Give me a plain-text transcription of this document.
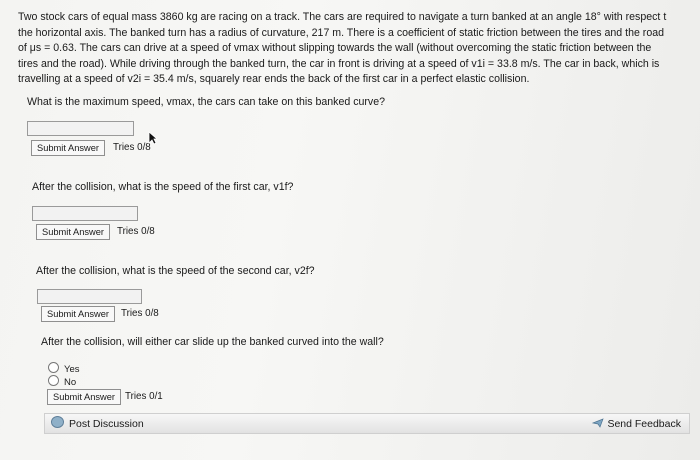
Two stock cars of equal mass 3860 kg are racing on a track. The cars are required to navigate a turn banked at an angle 18° with respect t
the horizontal axis. The banked turn has a radius of curvature, 217 m. There is a coefficient of static friction between the tires and the road
of μs = 0.63. The cars can drive at a speed of vmax without slipping towards the wall (without overcoming the static friction between the
tires and the road). While driving through the banked turn, the car in front is driving at a speed of v1i = 33.8 m/s. The car in back, which is
travelling at a speed of v2i = 35.4 m/s, squarely rear ends the back of the first car in a perfect elastic collision.
What is the maximum speed, vmax, the cars can take on this banked curve?
Submit Answer	Tries 0/8
After the collision, what is the speed of the first car, v1f?
Submit Answer	Tries 0/8
After the collision, what is the speed of the second car, v2f?
Submit Answer	Tries 0/8
After the collision, will either car slide up the banked curved into the wall?
Yes
No
Submit Answer	Tries 0/1
Post Discussion	Send Feedback
